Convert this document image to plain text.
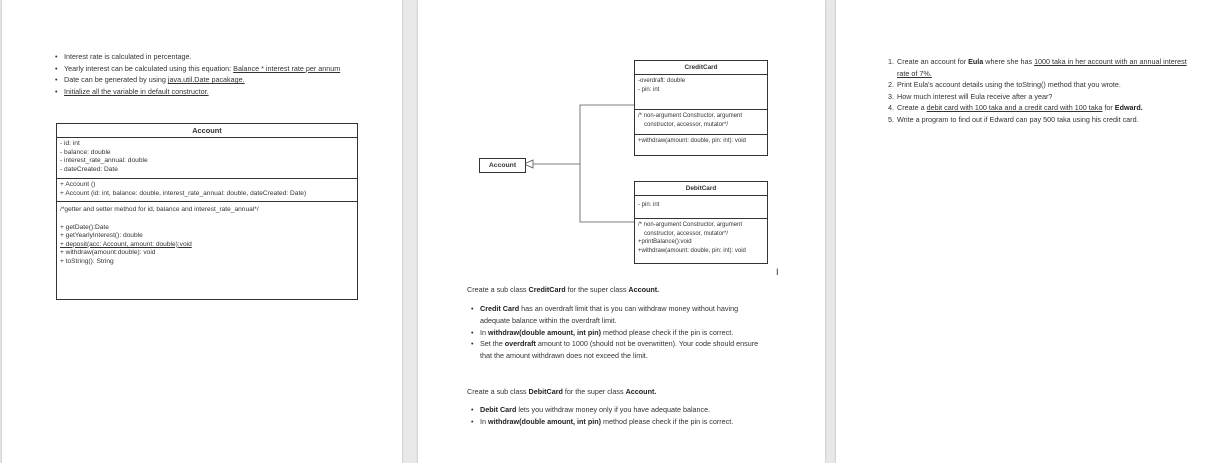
• Interest rate is calculated in percentage.
• Yearly interest can be calculated using this equation: Balance * interest rate per annum
• Date can be generated by using java.util.Date pacakage.
• Initialize all the variable in default constructor.
Account
- id: int
- balance: double
- interest_rate_annual: double
- dateCreated: Date
+ Account ()
+ Account (id: int, balance: double, interest_rate_annual: double, dateCreated: Date)
/*getter and setter method for id, balance and interest_rate_annual*/
+ getDate():Date
+ getYearlyInterest(): double
+ deposit(acc: Account, amount: double):void
+ withdraw(amount:double): void
+ toString(): String
Account
CreditCard
-overdraft: double
- pin: int
/* non-argument Constructor, argument
constructor, accessor, mutator*/
+withdraw(amount: double, pin: int): void
DebitCard
- pin: int
/* non-argument Constructor, argument
constructor, accessor, mutator*/
+printBalance():void
+withdraw(amount: double, pin: int): void
I
Create a sub class CreditCard for the super class Account.
• Credit Card has an overdraft limit that is you can withdraw money without having adequate balance within the overdraft limit.
• In withdraw(double amount, int pin) method please check if the pin is correct.
• Set the overdraft amount to 1000 (should not be overwritten). Your code should ensure that the amount withdrawn does not exceed the limit.
Create a sub class DebitCard for the super class Account.
• Debit Card lets you withdraw money only if you have adequate balance.
• In withdraw(double amount, int pin) method please check if the pin is correct.
1. Create an account for Eula where she has 1000 taka in her account with an annual interest rate of 7%.
2. Print Eula's account details using the toString() method that you wrote.
3. How much interest will Eula receive after a year?
4. Create a debit card with 100 taka and a credit card with 100 taka for Edward.
5. Write a program to find out if Edward can pay 500 taka using his credit card.
